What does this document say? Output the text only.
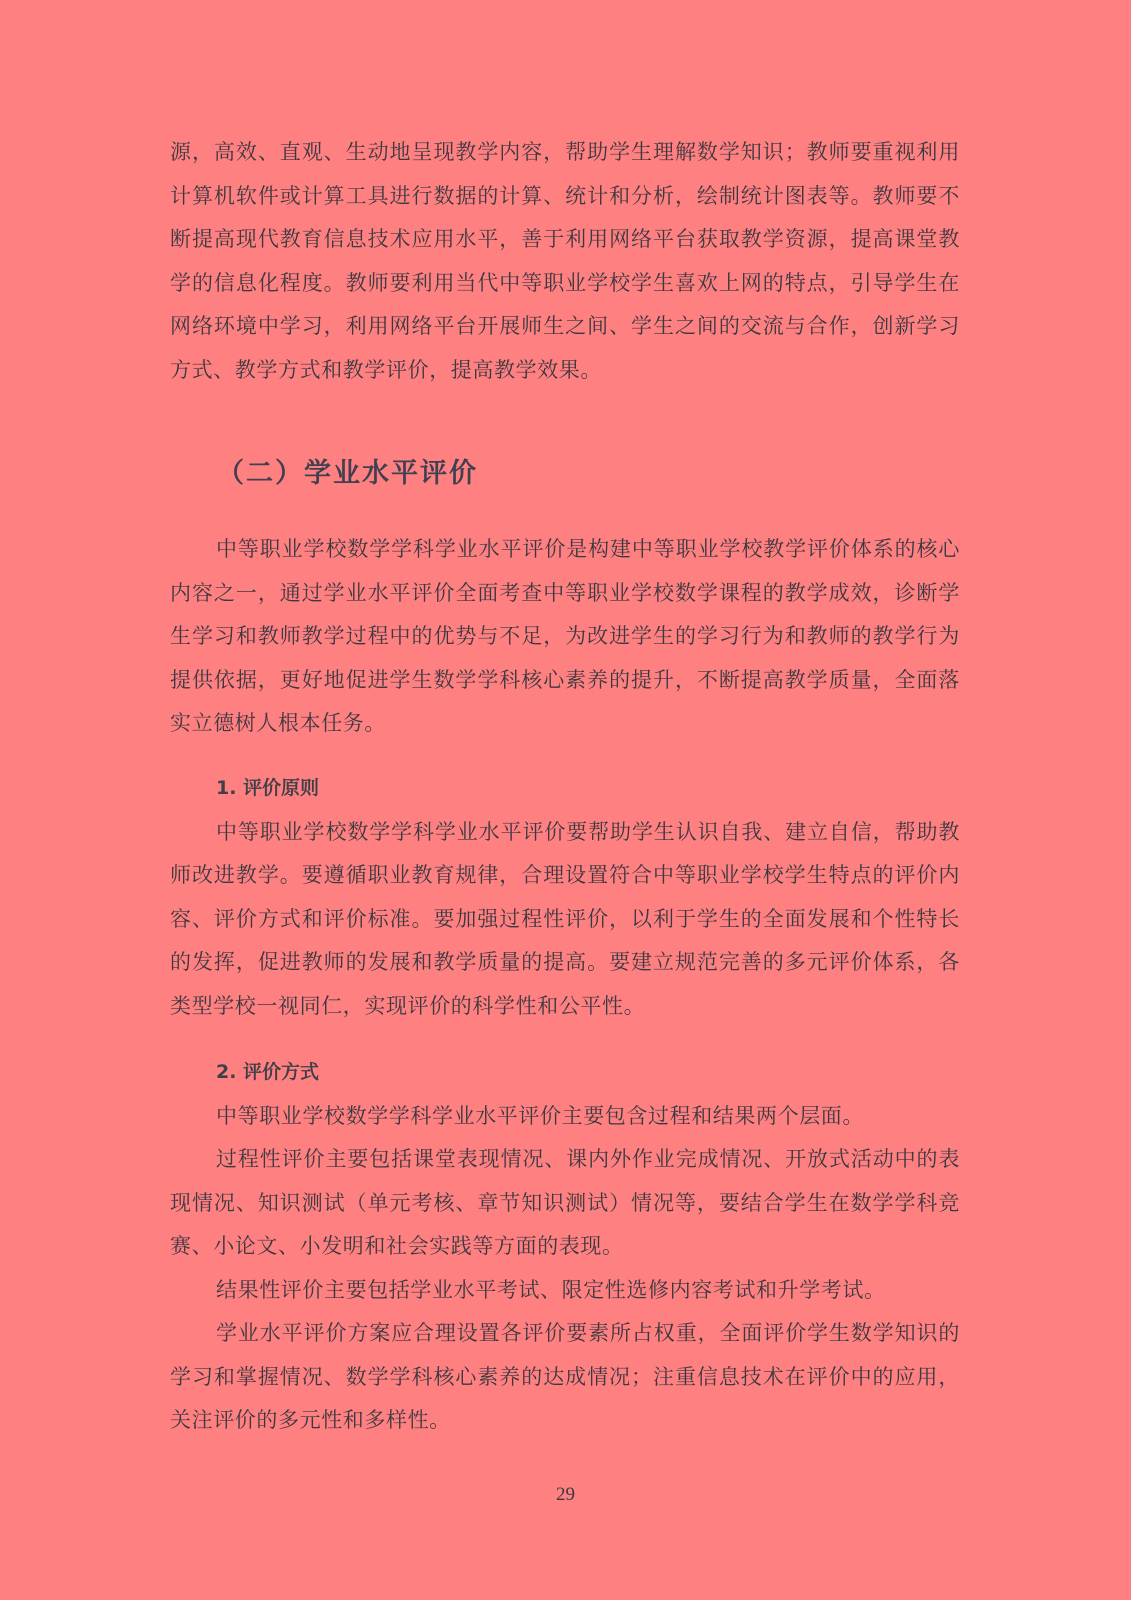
源，高效、直观、生动地呈现教学内容，帮助学生理解数学知识；教师要重视利用计算机软件或计算工具进行数据的计算、统计和分析，绘制统计图表等。教师要不断提高现代教育信息技术应用水平，善于利用网络平台获取教学资源，提高课堂教学的信息化程度。教师要利用当代中等职业学校学生喜欢上网的特点，引导学生在网络环境中学习，利用网络平台开展师生之间、学生之间的交流与合作，创新学习方式、教学方式和教学评价，提高教学效果。

（二）学业水平评价

中等职业学校数学学科学业水平评价是构建中等职业学校教学评价体系的核心内容之一，通过学业水平评价全面考查中等职业学校数学课程的教学成效，诊断学生学习和教师教学过程中的优势与不足，为改进学生的学习行为和教师的教学行为提供依据，更好地促进学生数学学科核心素养的提升，不断提高教学质量，全面落实立德树人根本任务。

1. 评价原则

中等职业学校数学学科学业水平评价要帮助学生认识自我、建立自信，帮助教师改进教学。要遵循职业教育规律，合理设置符合中等职业学校学生特点的评价内容、评价方式和评价标准。要加强过程性评价，以利于学生的全面发展和个性特长的发挥，促进教师的发展和教学质量的提高。要建立规范完善的多元评价体系，各类型学校一视同仁，实现评价的科学性和公平性。

2. 评价方式

中等职业学校数学学科学业水平评价主要包含过程和结果两个层面。

过程性评价主要包括课堂表现情况、课内外作业完成情况、开放式活动中的表现情况、知识测试（单元考核、章节知识测试）情况等，要结合学生在数学学科竞赛、小论文、小发明和社会实践等方面的表现。

结果性评价主要包括学业水平考试、限定性选修内容考试和升学考试。

学业水平评价方案应合理设置各评价要素所占权重，全面评价学生数学知识的学习和掌握情况、数学学科核心素养的达成情况；注重信息技术在评价中的应用，关注评价的多元性和多样性。

29
